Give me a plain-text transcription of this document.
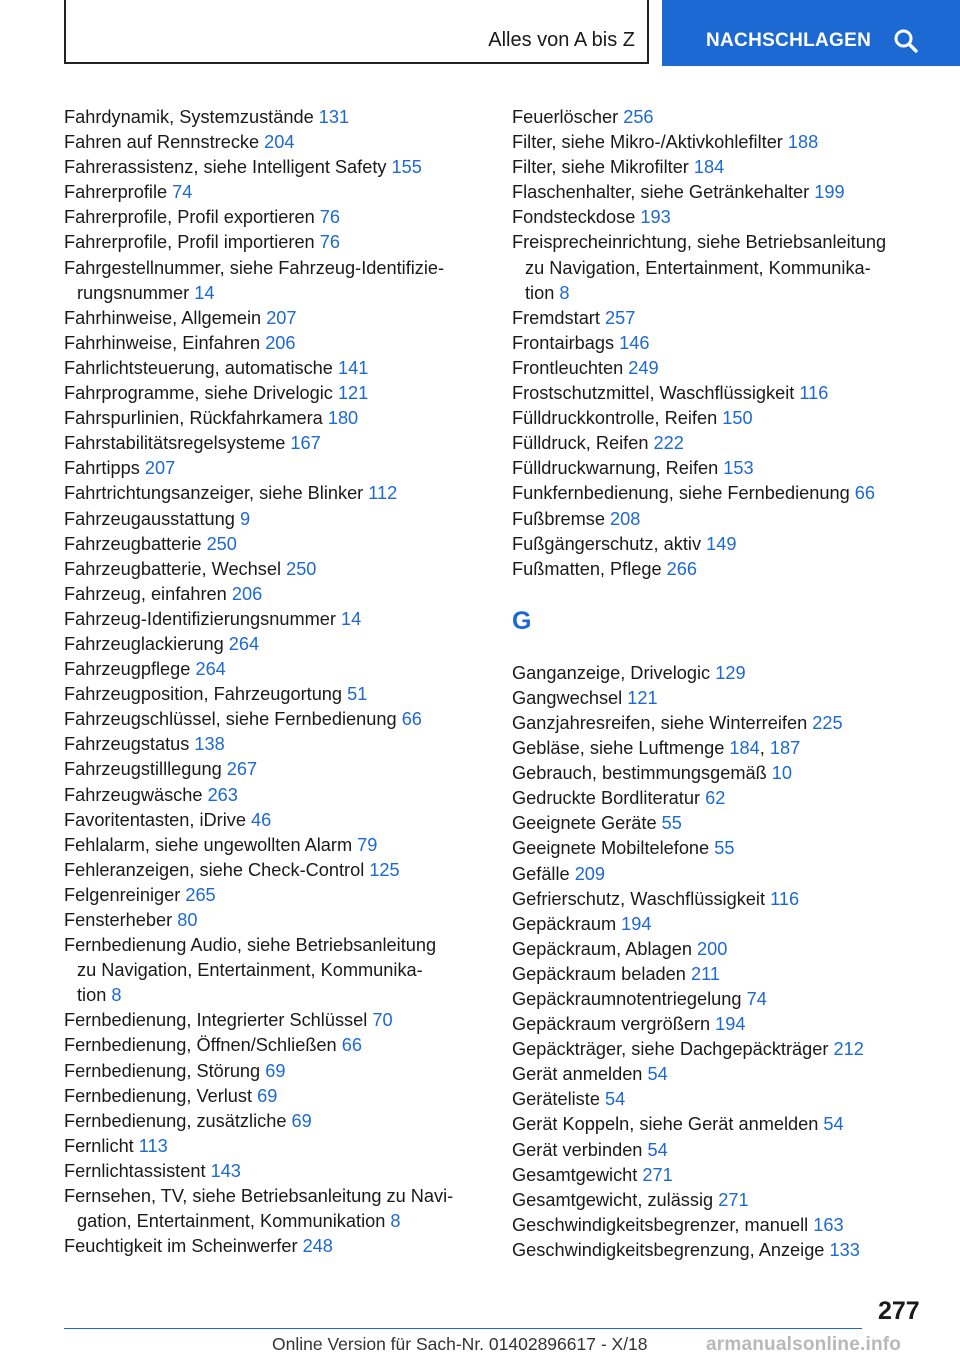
Alles von A bis Z	NACHSCHLAGEN
Fahrdynamik, Systemzustände 131
Fahren auf Rennstrecke 204
Fahrerassistenz, siehe Intelligent Safety 155
Fahrerprofile 74
Fahrerprofile, Profil exportieren 76
Fahrerprofile, Profil importieren 76
Fahrgestellnummer, siehe Fahrzeug-Identifizie-
rungsnummer 14
Fahrhinweise, Allgemein 207
Fahrhinweise, Einfahren 206
Fahrlichtsteuerung, automatische 141
Fahrprogramme, siehe Drivelogic 121
Fahrspurlinien, Rückfahrkamera 180
Fahrstabilitätsregelsysteme 167
Fahrtipps 207
Fahrtrichtungsanzeiger, siehe Blinker 112
Fahrzeugausstattung 9
Fahrzeugbatterie 250
Fahrzeugbatterie, Wechsel 250
Fahrzeug, einfahren 206
Fahrzeug-Identifizierungsnummer 14
Fahrzeuglackierung 264
Fahrzeugpflege 264
Fahrzeugposition, Fahrzeugortung 51
Fahrzeugschlüssel, siehe Fernbedienung 66
Fahrzeugstatus 138
Fahrzeugstilllegung 267
Fahrzeugwäsche 263
Favoritentasten, iDrive 46
Fehlalarm, siehe ungewollten Alarm 79
Fehleranzeigen, siehe Check-Control 125
Felgenreiniger 265
Fensterheber 80
Fernbedienung Audio, siehe Betriebsanleitung
zu Navigation, Entertainment, Kommunika-
tion 8
Fernbedienung, Integrierter Schlüssel 70
Fernbedienung, Öffnen/Schließen 66
Fernbedienung, Störung 69
Fernbedienung, Verlust 69
Fernbedienung, zusätzliche 69
Fernlicht 113
Fernlichtassistent 143
Fernsehen, TV, siehe Betriebsanleitung zu Navi-
gation, Entertainment, Kommunikation 8
Feuchtigkeit im Scheinwerfer 248
Feuerlöscher 256
Filter, siehe Mikro-/Aktivkohlefilter 188
Filter, siehe Mikrofilter 184
Flaschenhalter, siehe Getränkehalter 199
Fondsteckdose 193
Freisprecheinrichtung, siehe Betriebsanleitung
zu Navigation, Entertainment, Kommunika-
tion 8
Fremdstart 257
Frontairbags 146
Frontleuchten 249
Frostschutzmittel, Waschflüssigkeit 116
Fülldruckkontrolle, Reifen 150
Fülldruck, Reifen 222
Fülldruckwarnung, Reifen 153
Funkfernbedienung, siehe Fernbedienung 66
Fußbremse 208
Fußgängerschutz, aktiv 149
Fußmatten, Pflege 266
G
Ganganzeige, Drivelogic 129
Gangwechsel 121
Ganzjahresreifen, siehe Winterreifen 225
Gebläse, siehe Luftmenge 184, 187
Gebrauch, bestimmungsgemäß 10
Gedruckte Bordliteratur 62
Geeignete Geräte 55
Geeignete Mobiltelefone 55
Gefälle 209
Gefrierschutz, Waschflüssigkeit 116
Gepäckraum 194
Gepäckraum, Ablagen 200
Gepäckraum beladen 211
Gepäckraumnotentriegelung 74
Gepäckraum vergrößern 194
Gepäckträger, siehe Dachgepäckträger 212
Gerät anmelden 54
Geräteliste 54
Gerät Koppeln, siehe Gerät anmelden 54
Gerät verbinden 54
Gesamtgewicht 271
Gesamtgewicht, zulässig 271
Geschwindigkeitsbegrenzer, manuell 163
Geschwindigkeitsbegrenzung, Anzeige 133
277
Online Version für Sach-Nr. 01402896617 - X/18	armanualsonline.info
